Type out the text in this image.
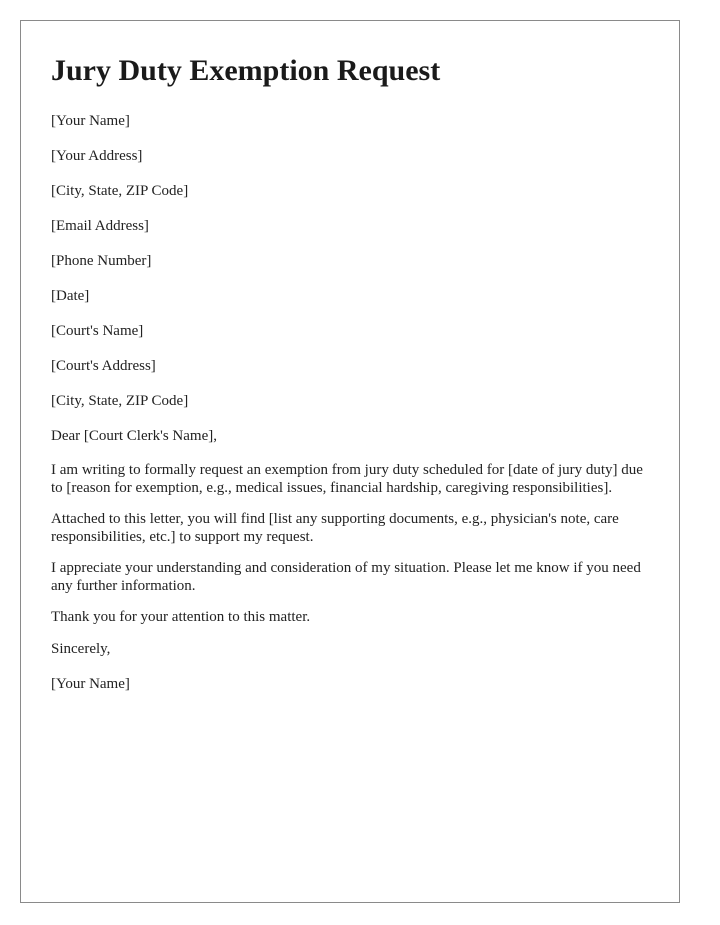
Jury Duty Exemption Request
[Your Name]
[Your Address]
[City, State, ZIP Code]
[Email Address]
[Phone Number]
[Date]
[Court's Name]
[Court's Address]
[City, State, ZIP Code]
Dear [Court Clerk's Name],

I am writing to formally request an exemption from jury duty scheduled for [date of jury duty] due to [reason for exemption, e.g., medical issues, financial hardship, caregiving responsibilities].

Attached to this letter, you will find [list any supporting documents, e.g., physician's note, care responsibilities, etc.] to support my request.

I appreciate your understanding and consideration of my situation. Please let me know if you need any further information.

Thank you for your attention to this matter.

Sincerely,
[Your Name]
